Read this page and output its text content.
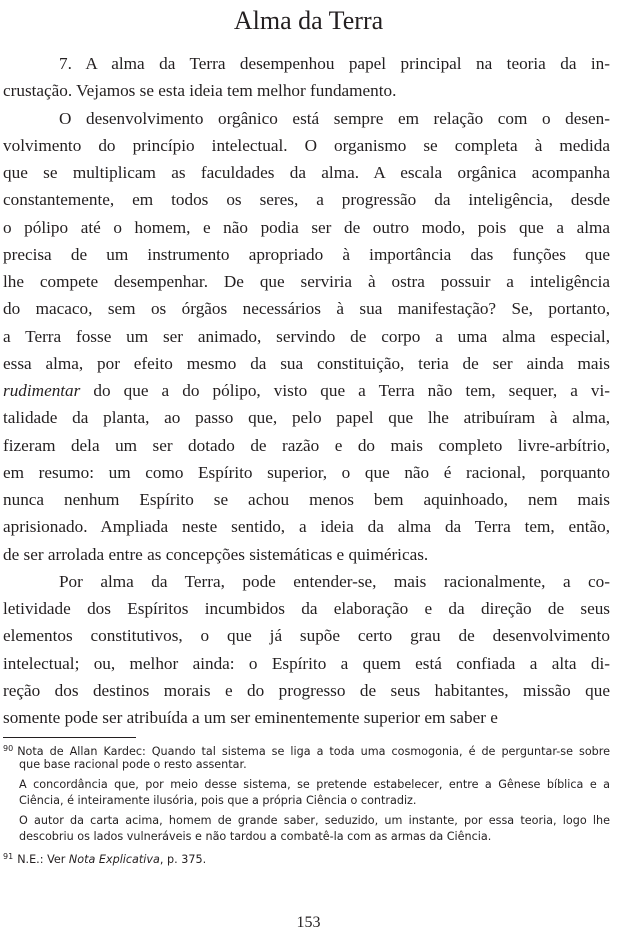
Alma da Terra
7. A alma da Terra desempenhou papel principal na teoria da in-
crustação. Vejamos se esta ideia tem melhor fundamento.
O desenvolvimento orgânico está sempre em relação com o desen-
volvimento do princípio intelectual. O organismo se completa à medida
que se multiplicam as faculdades da alma. A escala orgânica acompanha
constantemente, em todos os seres, a progressão da inteligência, desde
o pólipo até o homem, e não podia ser de outro modo, pois que a alma
precisa de um instrumento apropriado à importância das funções que
lhe compete desempenhar. De que serviria à ostra possuir a inteligência
do macaco, sem os órgãos necessários à sua manifestação? Se, portanto,
a Terra fosse um ser animado, servindo de corpo a uma alma especial,
essa alma, por efeito mesmo da sua constituição, teria de ser ainda mais
rudimentar do que a do pólipo, visto que a Terra não tem, sequer, a vi-
talidade da planta, ao passo que, pelo papel que lhe atribuíram à alma,
fizeram dela um ser dotado de razão e do mais completo livre-arbítrio,
em resumo: um como Espírito superior, o que não é racional, porquanto
nunca nenhum Espírito se achou menos bem aquinhoado, nem mais
aprisionado. Ampliada neste sentido, a ideia da alma da Terra tem, então,
de ser arrolada entre as concepções sistemáticas e quiméricas.
Por alma da Terra, pode entender-se, mais racionalmente, a co-
letividade dos Espíritos incumbidos da elaboração e da direção de seus
elementos constitutivos, o que já supõe certo grau de desenvolvimento
intelectual; ou, melhor ainda: o Espírito a quem está confiada a alta di-
reção dos destinos morais e do progresso de seus habitantes, missão que
somente pode ser atribuída a um ser eminentemente superior em saber e
$^{90}$ Nota de Allan Kardec: Quando tal sistema se liga a toda uma cosmogonia, é de perguntar-se sobre
que base racional pode o resto assentar.
A concordância que, por meio desse sistema, se pretende estabelecer, entre a Gênese bíblica e a
Ciência, é inteiramente ilusória, pois que a própria Ciência o contradiz.
O autor da carta acima, homem de grande saber, seduzido, um instante, por essa teoria, logo lhe
descobriu os lados vulneráveis e não tardou a combatê-la com as armas da Ciência.
$^{91}$ N.E.: Ver Nota Explicativa, p. 375.
153
